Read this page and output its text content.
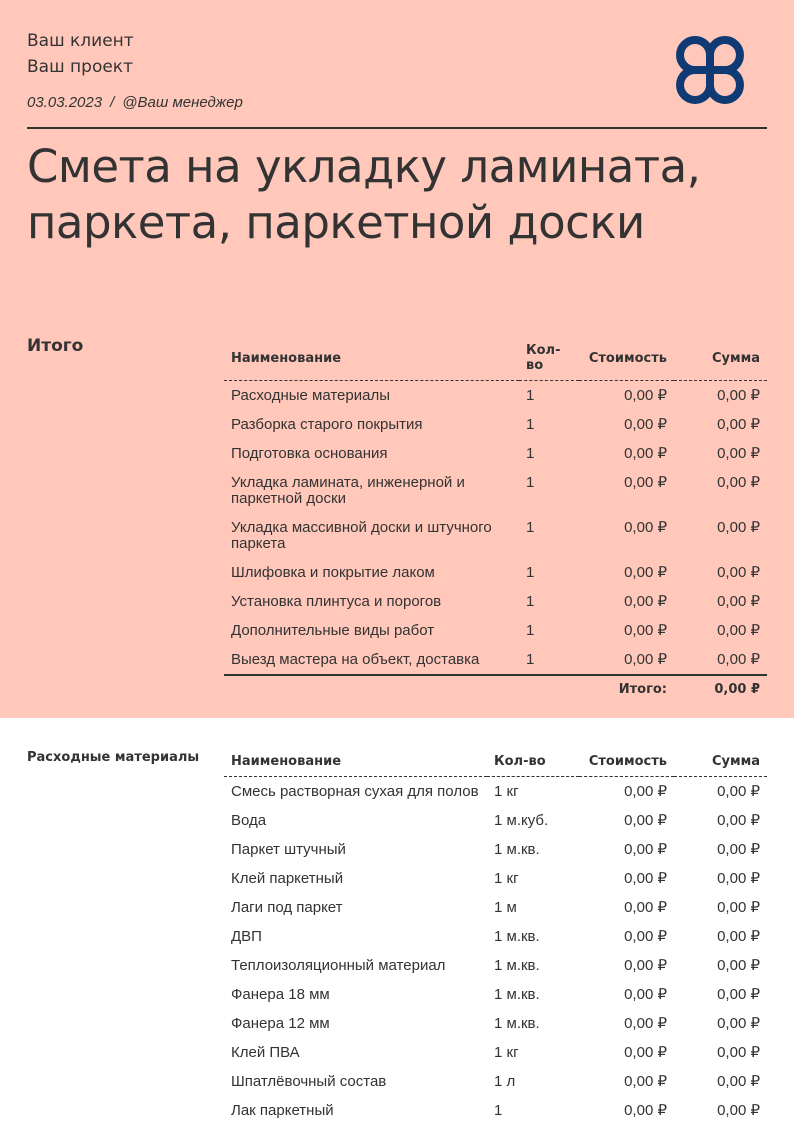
Ваш клиент
Ваш проект
03.03.2023 / @Ваш менеджер
Смета на укладку ламината,
паркета, паркетной доски
Итого
Наименование	Кол-во	Стоимость	Сумма
Расходные материалы	1	0,00 ₽	0,00 ₽
Разборка старого покрытия	1	0,00 ₽	0,00 ₽
Подготовка основания	1	0,00 ₽	0,00 ₽
Укладка ламината, инженерной и паркетной доски	1	0,00 ₽	0,00 ₽
Укладка массивной доски и штучного паркета	1	0,00 ₽	0,00 ₽
Шлифовка и покрытие лаком	1	0,00 ₽	0,00 ₽
Установка плинтуса и порогов	1	0,00 ₽	0,00 ₽
Дополнительные виды работ	1	0,00 ₽	0,00 ₽
Выезд мастера на объект, доставка	1	0,00 ₽	0,00 ₽
		Итого:	0,00 ₽
Расходные материалы Наименование	Кол-во	Стоимость	Сумма
Смесь растворная сухая для полов	1 кг	0,00 ₽	0,00 ₽
Вода	1 м.куб.	0,00 ₽	0,00 ₽
Паркет штучный	1 м.кв.	0,00 ₽	0,00 ₽
Клей паркетный	1 кг	0,00 ₽	0,00 ₽
Лаги под паркет	1 м	0,00 ₽	0,00 ₽
ДВП	1 м.кв.	0,00 ₽	0,00 ₽
Теплоизоляционный материал	1 м.кв.	0,00 ₽	0,00 ₽
Фанера 18 мм	1 м.кв.	0,00 ₽	0,00 ₽
Фанера 12 мм	1 м.кв.	0,00 ₽	0,00 ₽
Клей ПВА	1 кг	0,00 ₽	0,00 ₽
Шпатлёвочный состав	1 л	0,00 ₽	0,00 ₽
Лак паркетный	1	0,00 ₽	0,00 ₽
